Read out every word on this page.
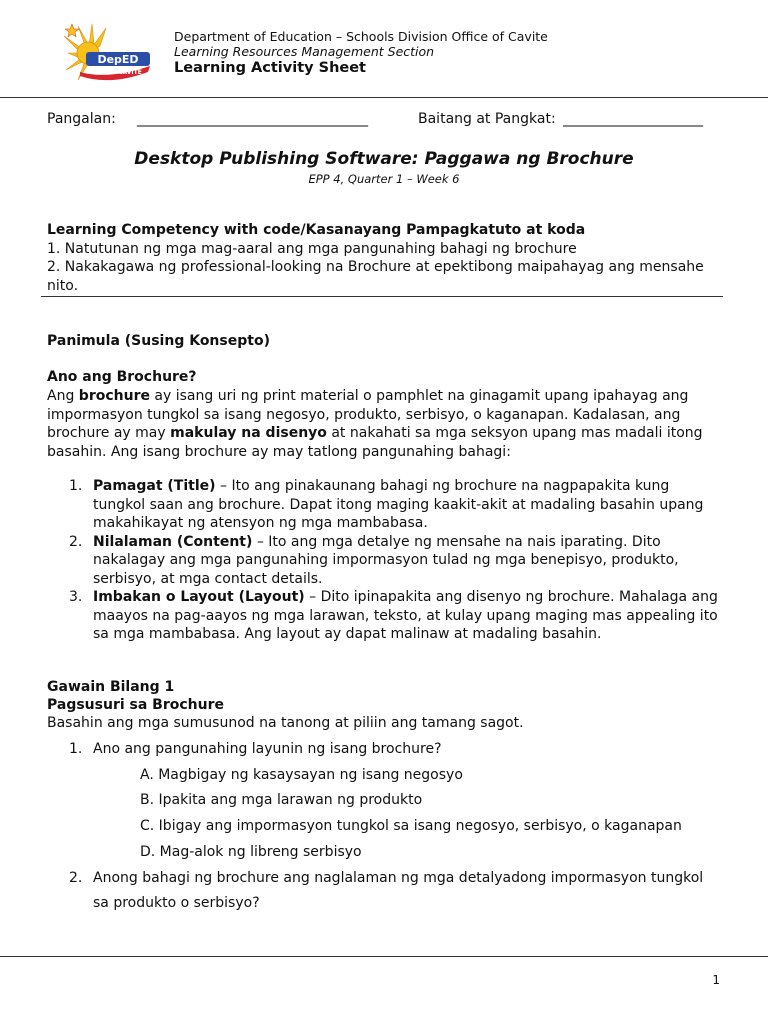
DepED
CAVITE
Department of Education – Schools Division Office of Cavite
Learning Resources Management Section
Learning Activity Sheet
Pangalan: _________________________________	Baitang at Pangkat: ____________________
Desktop Publishing Software: Paggawa ng Brochure
EPP 4, Quarter 1 – Week 6
Learning Competency with code/Kasanayang Pampagkatuto at koda
1. Natutunan ng mga mag-aaral ang mga pangunahing bahagi ng brochure
2. Nakakagawa ng professional-looking na Brochure at epektibong maipahayag ang mensahe nito.
Panimula (Susing Konsepto)
Ano ang Brochure?
Ang brochure ay isang uri ng print material o pamphlet na ginagamit upang ipahayag ang impormasyon tungkol sa isang negosyo, produkto, serbisyo, o kaganapan. Kadalasan, ang brochure ay may makulay na disenyo at nakahati sa mga seksyon upang mas madali itong basahin. Ang isang brochure ay may tatlong pangunahing bahagi:
1. Pamagat (Title) – Ito ang pinakaunang bahagi ng brochure na nagpapakita kung tungkol saan ang brochure. Dapat itong maging kaakit-akit at madaling basahin upang makahikayat ng atensyon ng mga mambabasa.
2. Nilalaman (Content) – Ito ang mga detalye ng mensahe na nais iparating. Dito nakalagay ang mga pangunahing impormasyon tulad ng mga benepisyo, produkto, serbisyo, at mga contact details.
3. Imbakan o Layout (Layout) – Dito ipinapakita ang disenyo ng brochure. Mahalaga ang maayos na pag-aayos ng mga larawan, teksto, at kulay upang maging mas appealing ito sa mga mambabasa. Ang layout ay dapat malinaw at madaling basahin.
Gawain Bilang 1
Pagsusuri sa Brochure
Basahin ang mga sumusunod na tanong at piliin ang tamang sagot.
1. Ano ang pangunahing layunin ng isang brochure?
A. Magbigay ng kasaysayan ng isang negosyo
B. Ipakita ang mga larawan ng produkto
C. Ibigay ang impormasyon tungkol sa isang negosyo, serbisyo, o kaganapan
D. Mag-alok ng libreng serbisyo
2. Anong bahagi ng brochure ang naglalaman ng mga detalyadong impormasyon tungkol sa produkto o serbisyo?
1
